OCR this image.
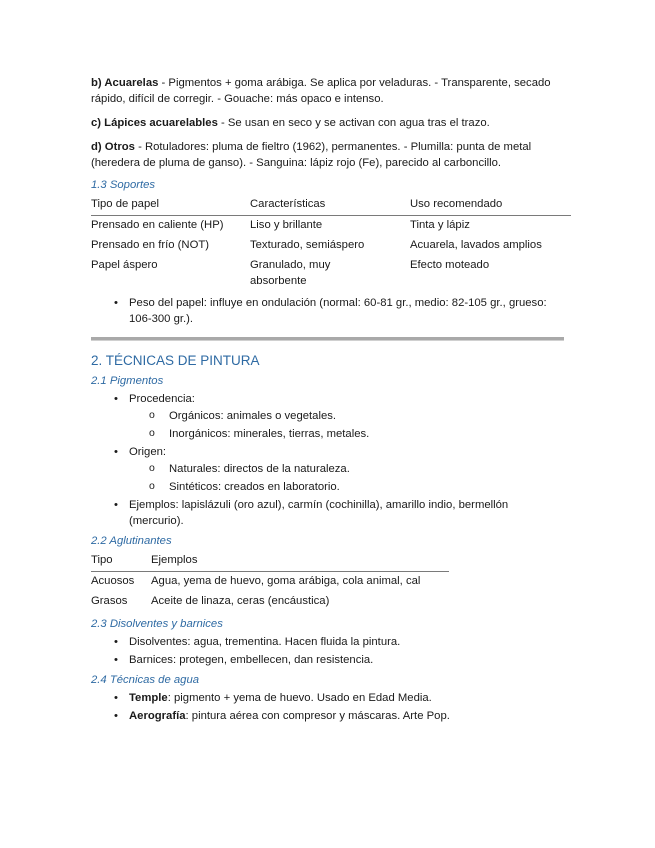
b) Acuarelas - Pigmentos + goma arábiga. Se aplica por veladuras. - Transparente, secado rápido, difícil de corregir. - Gouache: más opaco e intenso.

c) Lápices acuarelables - Se usan en seco y se activan con agua tras el trazo.

d) Otros - Rotuladores: pluma de fieltro (1962), permanentes. - Plumilla: punta de metal (heredera de pluma de ganso). - Sanguina: lápiz rojo (Fe), parecido al carboncillo.

1.3 Soportes

Tipo de papel	Características	Uso recomendado
Prensado en caliente (HP)	Liso y brillante	Tinta y lápiz
Prensado en frío (NOT)	Texturado, semiáspero	Acuarela, lavados amplios
Papel áspero	Granulado, muy absorbente	Efecto moteado
• Peso del papel: influye en ondulación (normal: 60-81 gr., medio: 82-105 gr., grueso: 106-300 gr.).

2. TÉCNICAS DE PINTURA

2.1 Pigmentos

• Procedencia:
o Orgánicos: animales o vegetales.
o Inorgánicos: minerales, tierras, metales.
• Origen:
o Naturales: directos de la naturaleza.
o Sintéticos: creados en laboratorio.
• Ejemplos: lapislázuli (oro azul), carmín (cochinilla), amarillo indio, bermellón (mercurio).

2.2 Aglutinantes

Tipo	Ejemplos
Acuosos	Agua, yema de huevo, goma arábiga, cola animal, cal
Grasos	Aceite de linaza, ceras (encáustica)

2.3 Disolventes y barnices

• Disolventes: agua, trementina. Hacen fluida la pintura.
• Barnices: protegen, embellecen, dan resistencia.

2.4 Técnicas de agua

• Temple: pigmento + yema de huevo. Usado en Edad Media.
• Aerografía: pintura aérea con compresor y máscaras. Arte Pop.
